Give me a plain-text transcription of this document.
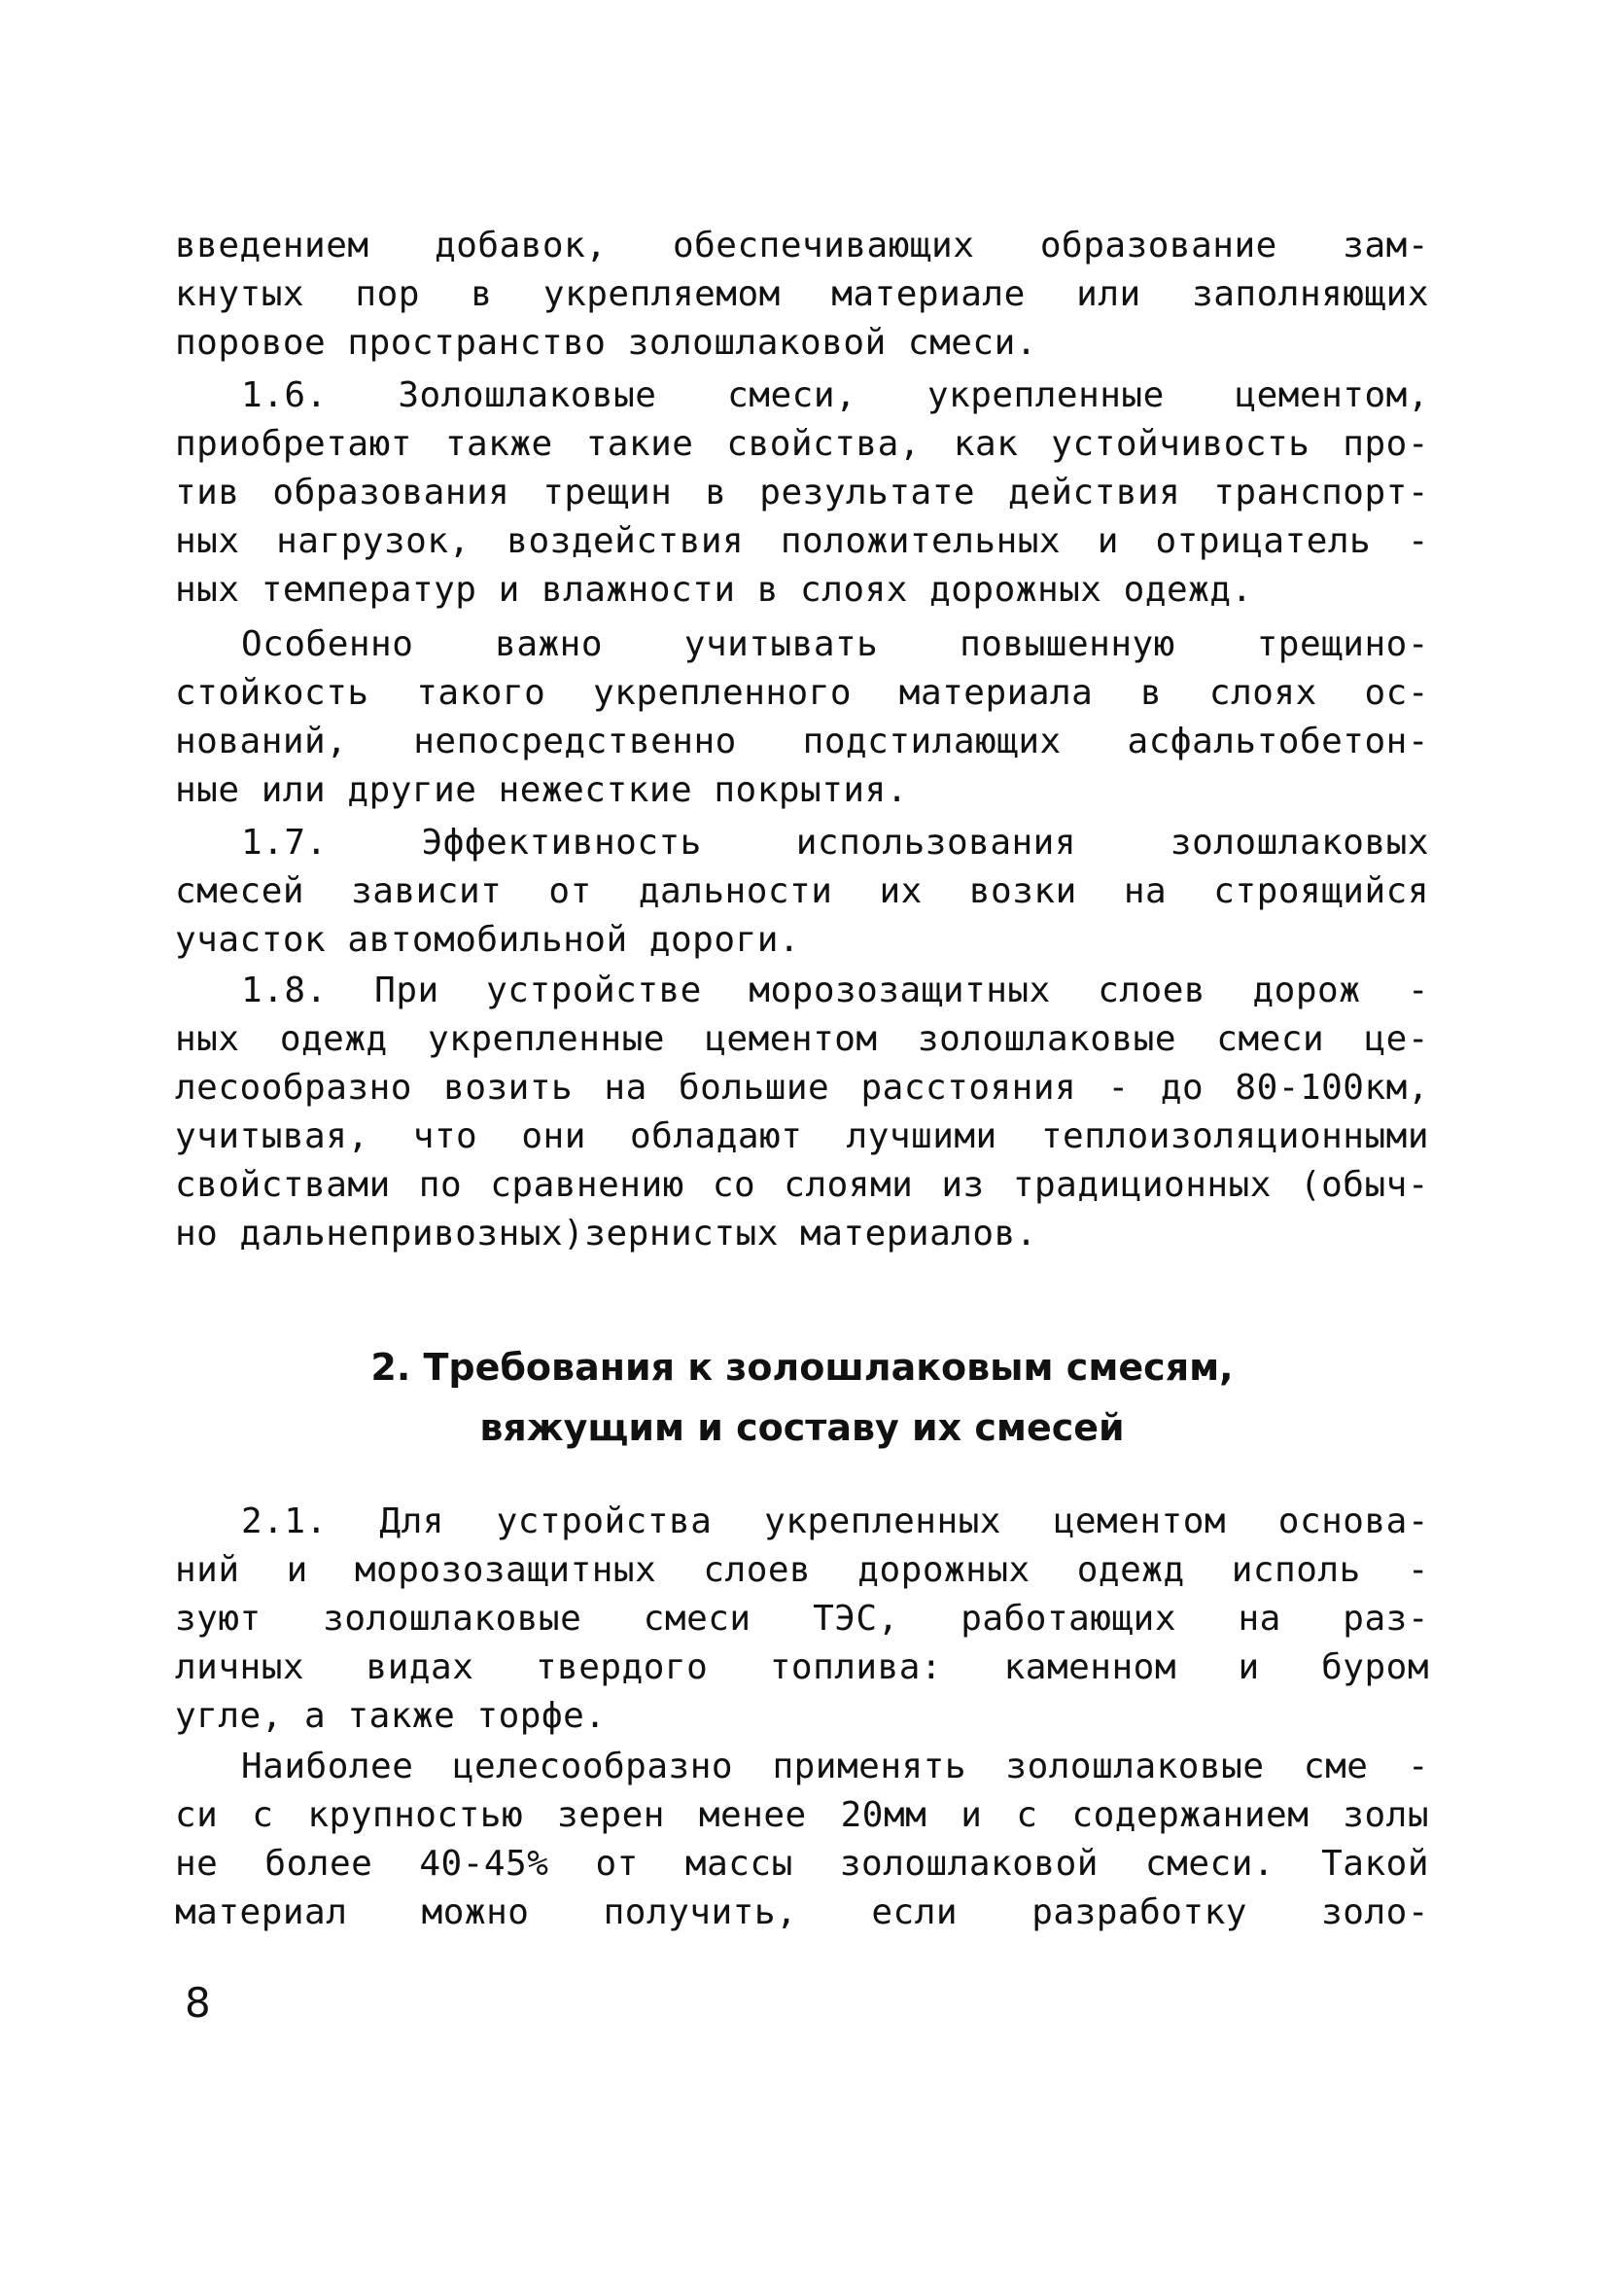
введением добавок, обеспечивающих образование зам-
кнутых пор в укрепляемом материале или заполняющих
поровое пространство золошлаковой смеси.
1.6. Золошлаковые смеси, укрепленные цементом,
приобретают также такие свойства, как устойчивость про-
тив образования трещин в результате действия транспорт-
ных нагрузок, воздействия положительных и отрицатель -
ных температур и влажности в слоях дорожных одежд.
Особенно важно учитывать повышенную трещино-
стойкость такого укрепленного материала в слоях ос-
нований, непосредственно подстилающих асфальтобетон-
ные или другие нежесткие покрытия.
1.7. Эффективность использования золошлаковых
смесей зависит от дальности их возки на строящийся
участок автомобильной дороги.
1.8. При устройстве морозозащитных слоев дорож -
ных одежд укрепленные цементом золошлаковые смеси це-
лесообразно возить на большие расстояния - до 80-100км,
учитывая, что они обладают лучшими теплоизоляционными
свойствами по сравнению со слоями из традиционных (обыч-
но дальнепривозных)зернистых материалов.
2. Требования к золошлаковым смесям,
вяжущим и составу их смесей
2.1. Для устройства укрепленных цементом основа-
ний и морозозащитных слоев дорожных одежд исполь -
зуют золошлаковые смеси ТЭС, работающих на раз-
личных видах твердого топлива: каменном и буром
угле, а также торфе.
Наиболее целесообразно применять золошлаковые сме -
си с крупностью зерен менее 20мм и с содержанием золы
не более 40-45% от массы золошлаковой смеси. Такой
материал можно получить, если разработку золо-
8
